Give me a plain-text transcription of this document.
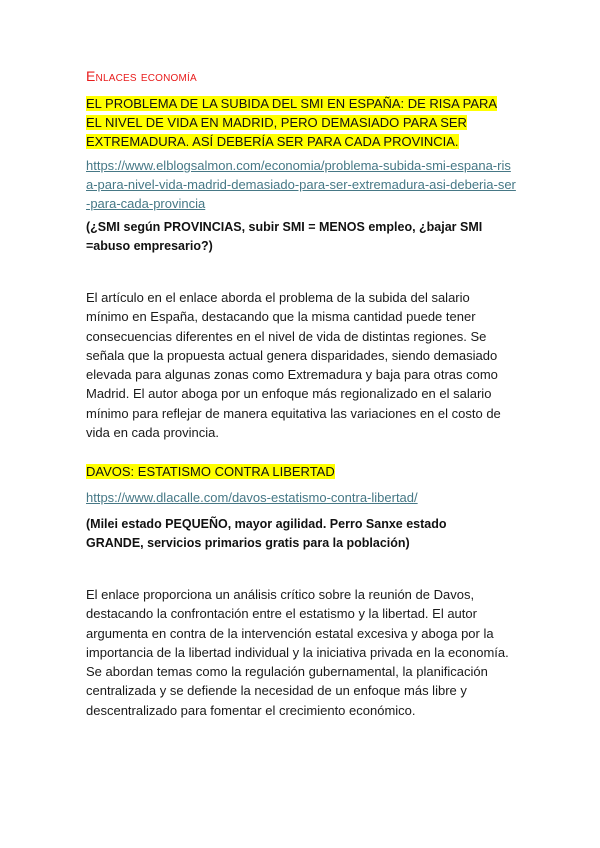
Enlaces economía
EL PROBLEMA DE LA SUBIDA DEL SMI EN ESPAÑA: DE RISA PARA EL NIVEL DE VIDA EN MADRID, PERO DEMASIADO PARA SER EXTREMADURA. ASÍ DEBERÍA SER PARA CADA PROVINCIA.
https://www.elblogsalmon.com/economia/problema-subida-smi-espana-risa-para-nivel-vida-madrid-demasiado-para-ser-extremadura-asi-deberia-ser-para-cada-provincia
(¿SMI según PROVINCIAS, subir SMI = MENOS empleo, ¿bajar SMI =abuso empresario?)
El artículo en el enlace aborda el problema de la subida del salario mínimo en España, destacando que la misma cantidad puede tener consecuencias diferentes en el nivel de vida de distintas regiones. Se señala que la propuesta actual genera disparidades, siendo demasiado elevada para algunas zonas como Extremadura y baja para otras como Madrid. El autor aboga por un enfoque más regionalizado en el salario mínimo para reflejar de manera equitativa las variaciones en el costo de vida en cada provincia.
DAVOS: ESTATISMO CONTRA LIBERTAD
https://www.dlacalle.com/davos-estatismo-contra-libertad/
(Milei estado PEQUEÑO, mayor agilidad. Perro Sanxe estado GRANDE, servicios primarios gratis para la población)
El enlace proporciona un análisis crítico sobre la reunión de Davos, destacando la confrontación entre el estatismo y la libertad. El autor argumenta en contra de la intervención estatal excesiva y aboga por la importancia de la libertad individual y la iniciativa privada en la economía. Se abordan temas como la regulación gubernamental, la planificación centralizada y se defiende la necesidad de un enfoque más libre y descentralizado para fomentar el crecimiento económico.
